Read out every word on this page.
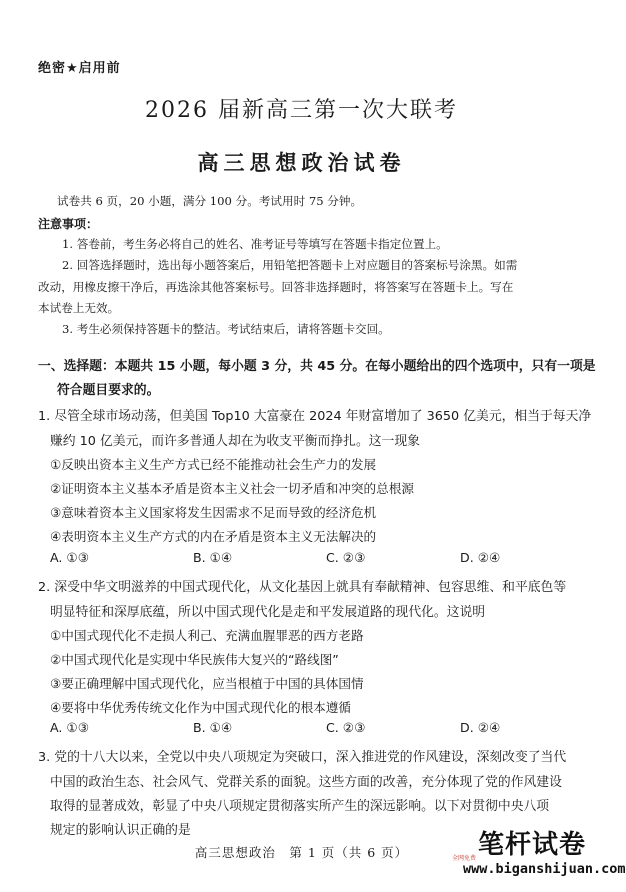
绝密★启用前
2026 届新高三第一次大联考
高三思想政治试卷
试卷共 6 页，20 小题，满分 100 分。考试用时 75 分钟。
注意事项：
1. 答卷前，考生务必将自己的姓名、准考证号等填写在答题卡指定位置上。
2. 回答选择题时，选出每小题答案后，用铅笔把答题卡上对应题目的答案标号涂黑。如需
改动，用橡皮擦干净后，再选涂其他答案标号。回答非选择题时，将答案写在答题卡上。写在
本试卷上无效。
3. 考生必须保持答题卡的整洁。考试结束后，请将答题卡交回。
一、选择题：本题共 15 小题，每小题 3 分，共 45 分。在每小题给出的四个选项中，只有一项是
符合题目要求的。
1. 尽管全球市场动荡，但美国 Top10 大富豪在 2024 年财富增加了 3650 亿美元，相当于每天净
赚约 10 亿美元，而许多普通人却在为收支平衡而挣扎。这一现象
①反映出资本主义生产方式已经不能推动社会生产力的发展
②证明资本主义基本矛盾是资本主义社会一切矛盾和冲突的总根源
③意味着资本主义国家将发生因需求不足而导致的经济危机
④表明资本主义生产方式的内在矛盾是资本主义无法解决的
A. ①③	B. ①④	C. ②③	D. ②④
2. 深受中华文明滋养的中国式现代化，从文化基因上就具有奉献精神、包容思维、和平底色等
明显特征和深厚底蕴，所以中国式现代化是走和平发展道路的现代化。这说明
①中国式现代化不走损人利己、充满血腥罪恶的西方老路
②中国式现代化是实现中华民族伟大复兴的“路线图”
③要正确理解中国式现代化，应当根植于中国的具体国情
④要将中华优秀传统文化作为中国式现代化的根本遵循
A. ①③	B. ①④	C. ②③	D. ②④
3. 党的十八大以来，全党以中央八项规定为突破口，深入推进党的作风建设，深刻改变了当代
中国的政治生态、社会风气、党群关系的面貌。这些方面的改善，充分体现了党的作风建设
取得的显著成效，彰显了中央八项规定贯彻落实所产生的深远影响。以下对贯彻中央八项
规定的影响认识正确的是
高三思想政治　第 1 页（共 6 页）	笔杆试卷
全网免费
www.biganshijuan.com
